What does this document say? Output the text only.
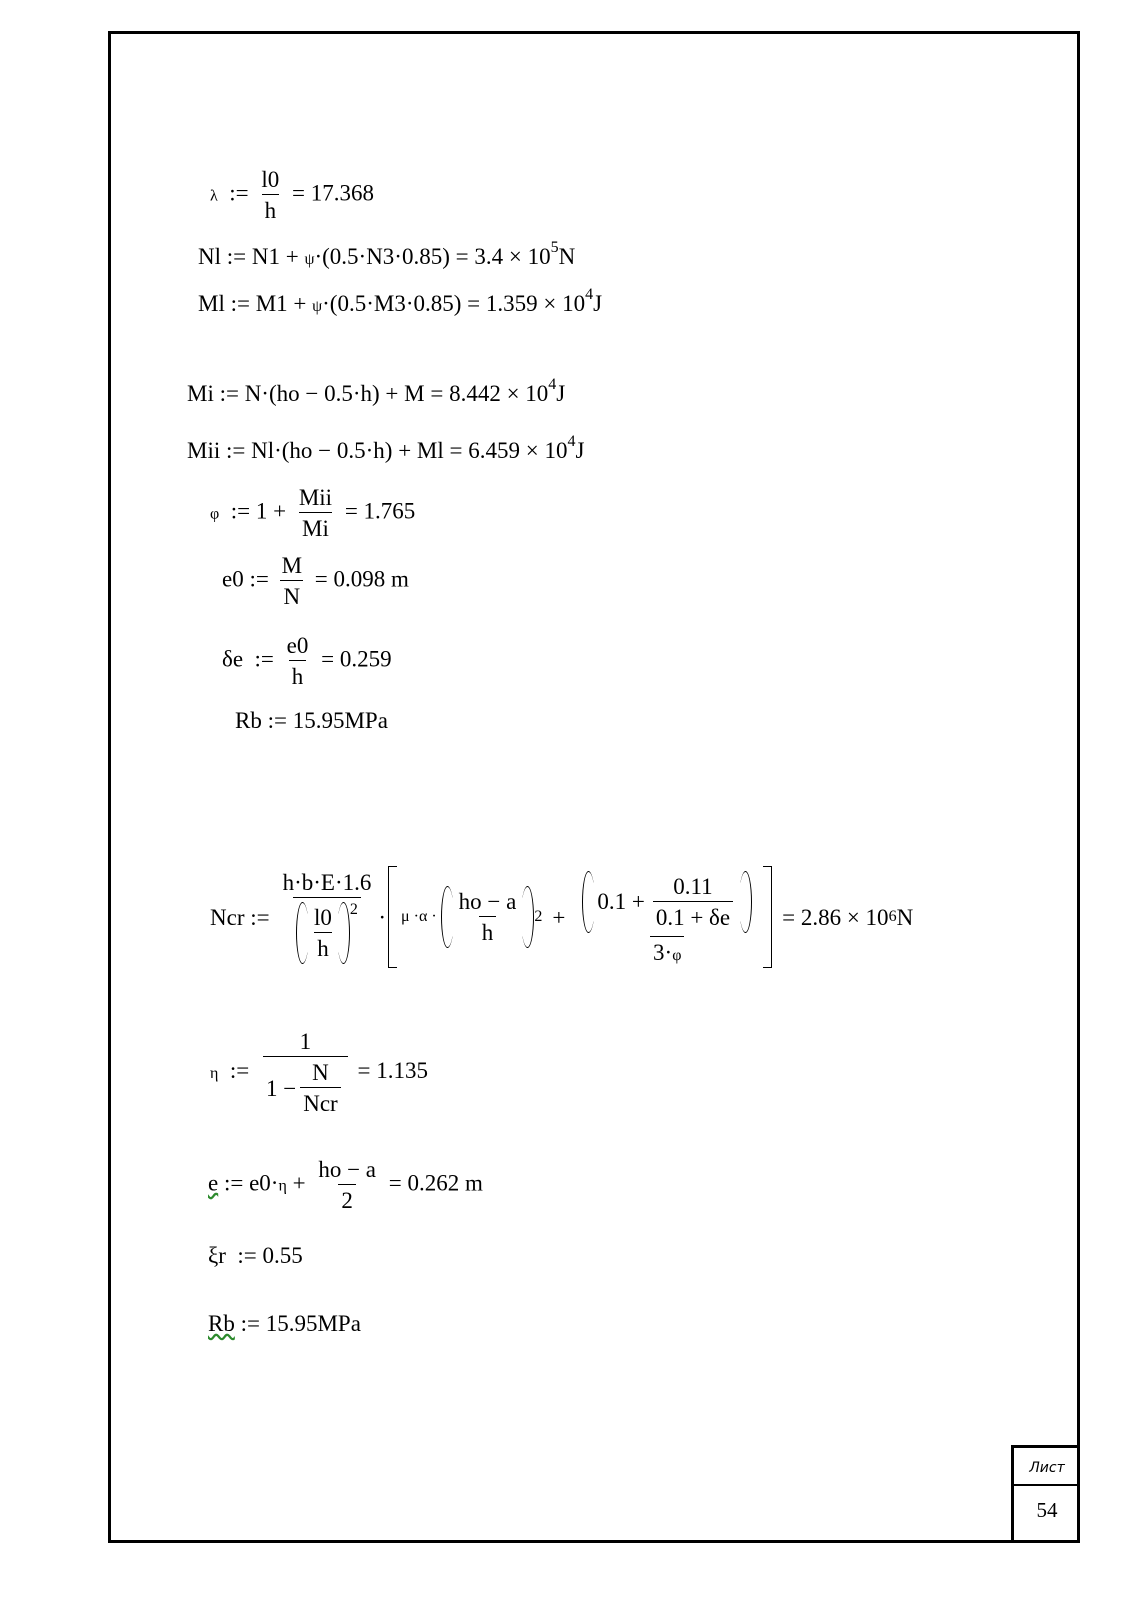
λ := $\frac{l0}{h} = 17.368$
Nl := $N1 + \psi\cdot(0.5\cdot N3\cdot 0.85) = 3.4 \times 10^5N$
Ml := $M1 + \psi\cdot(0.5\cdot M3\cdot 0.85) = 1.359 \times 10^4J$
Mi := $N\cdot(ho - 0.5\cdot h) + M = 8.442 \times 10^4J$
Mii := $Nl\cdot(ho - 0.5\cdot h) + Ml = 6.459 \times 10^4J$
φ := $1 + \frac{\text{Mii}}{Mi} = 1.765$
e0 := $\frac{M}{N} = 0.098$ m
δe := $\frac{e0}{h} = 0.259$
Rb := 15.95MPa
Ncr := $\frac{h\cdot b\cdot E\cdot 1.6}{\frac{l0}{h} ^2} \cdot \mu \cdot\alpha \cdot \frac{ho - a}{h} 2 + \frac{0.1 + \frac{0.11}{0.1 + \delta e}}{3\cdot\varphi} = 2.86 \times 10$ 6 N
η := $\frac{1}{1 - \frac{N}{\text{Ncr}}} = 1.135$
e := $e0\cdot\eta + \frac{ho - a}{2} = 0.262$ m
ξr := 0.55
Rb := 15.95MPa
Лист
54
